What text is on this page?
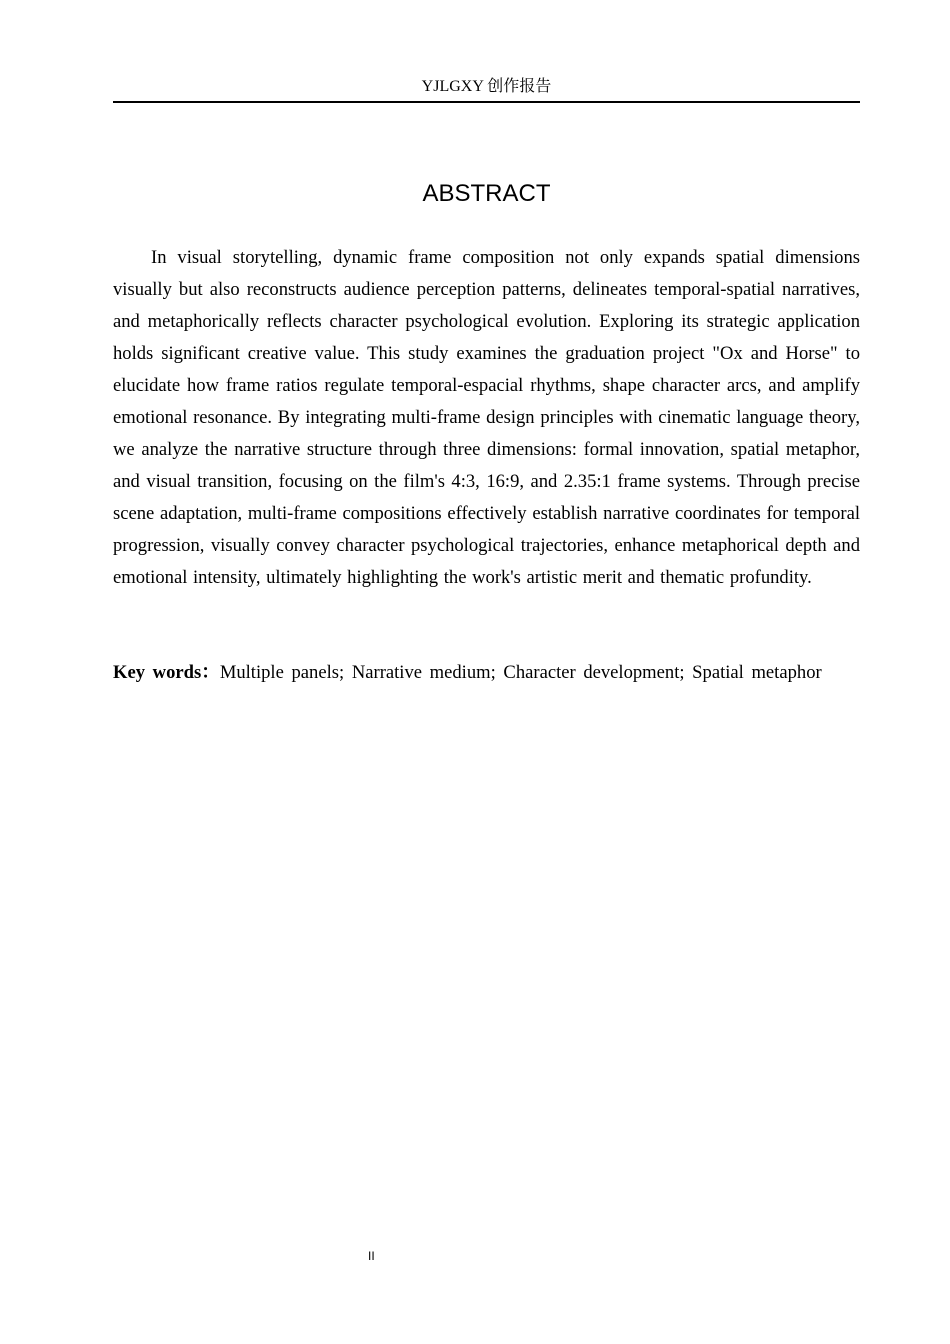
YJLGXY 创作报告
ABSTRACT

In visual storytelling, dynamic frame composition not only expands spatial dimensions visually but also reconstructs audience perception patterns, delineates temporal-spatial narratives, and metaphorically reflects character psychological evolution. Exploring its strategic application holds significant creative value. This study examines the graduation project "Ox and Horse" to elucidate how frame ratios regulate temporal-espacial rhythms, shape character arcs, and amplify emotional resonance. By integrating multi-frame design principles with cinematic language theory, we analyze the narrative structure through three dimensions: formal innovation, spatial metaphor, and visual transition, focusing on the film's 4:3, 16:9, and 2.35:1 frame systems. Through precise scene adaptation, multi-frame compositions effectively establish narrative coordinates for temporal progression, visually convey character psychological trajectories, enhance metaphorical depth and emotional intensity, ultimately highlighting the work's artistic merit and thematic profundity.

Key words：Multiple panels; Narrative medium; Character development; Spatial metaphor

II
